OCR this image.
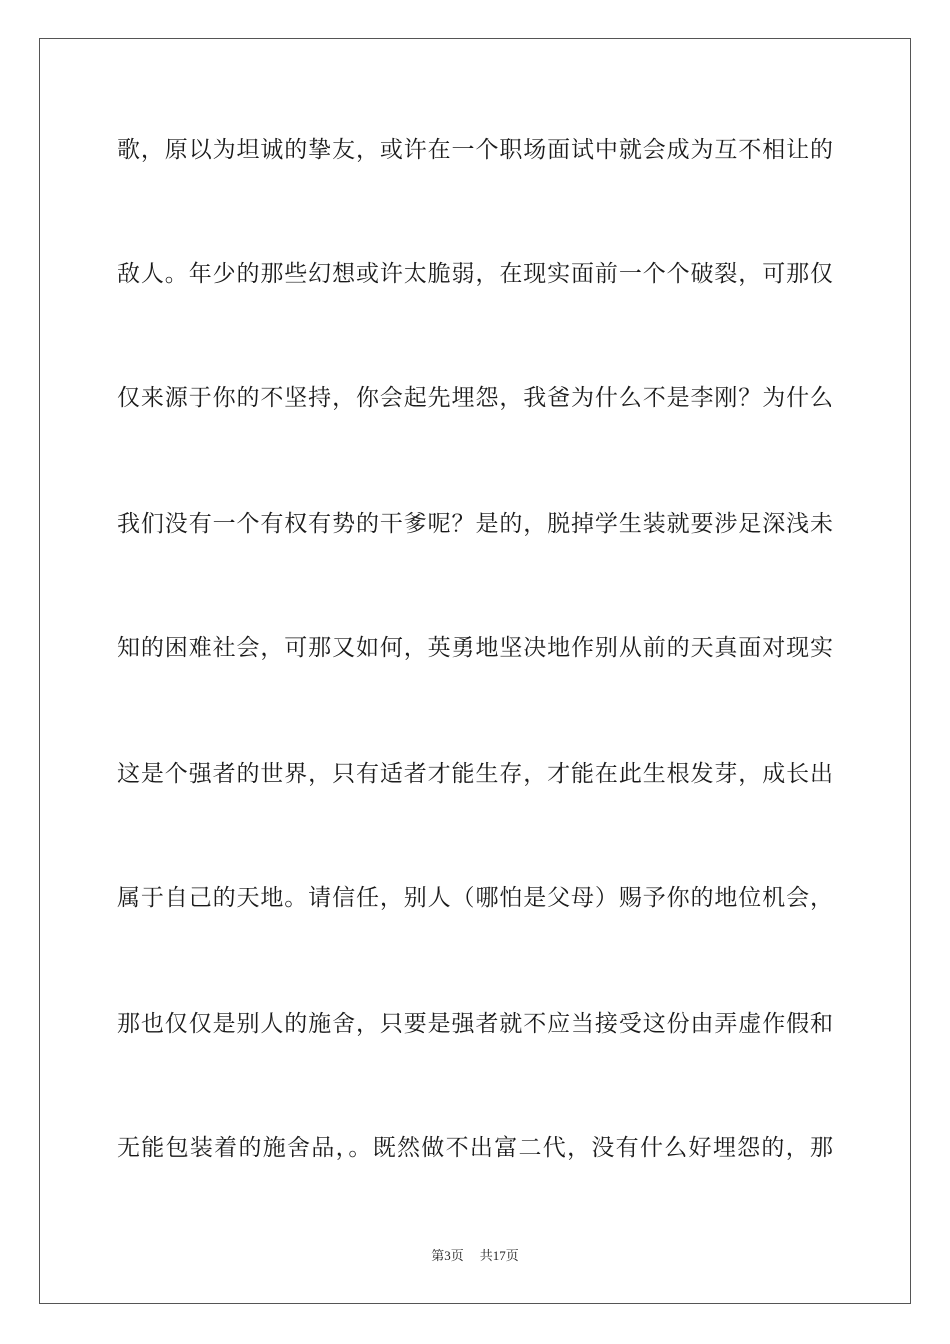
歌，原以为坦诚的挚友，或许在一个职场面试中就会成为互不相让的
敌人。年少的那些幻想或许太脆弱，在现实面前一个个破裂，可那仅
仅来源于你的不坚持，你会起先埋怨，我爸为什么不是李刚？为什么
我们没有一个有权有势的干爹呢？是的，脱掉学生装就要涉足深浅未
知的困难社会，可那又如何，英勇地坚决地作别从前的天真面对现实
这是个强者的世界，只有适者才能生存，才能在此生根发芽，成长出
属于自己的天地。请信任，别人（哪怕是父母）赐予你的地位机会，
那也仅仅是别人的施舍，只要是强者就不应当接受这份由弄虚作假和
无能包装着的施舍品，。既然做不出富二代，没有什么好埋怨的，那
第3页 共17页
